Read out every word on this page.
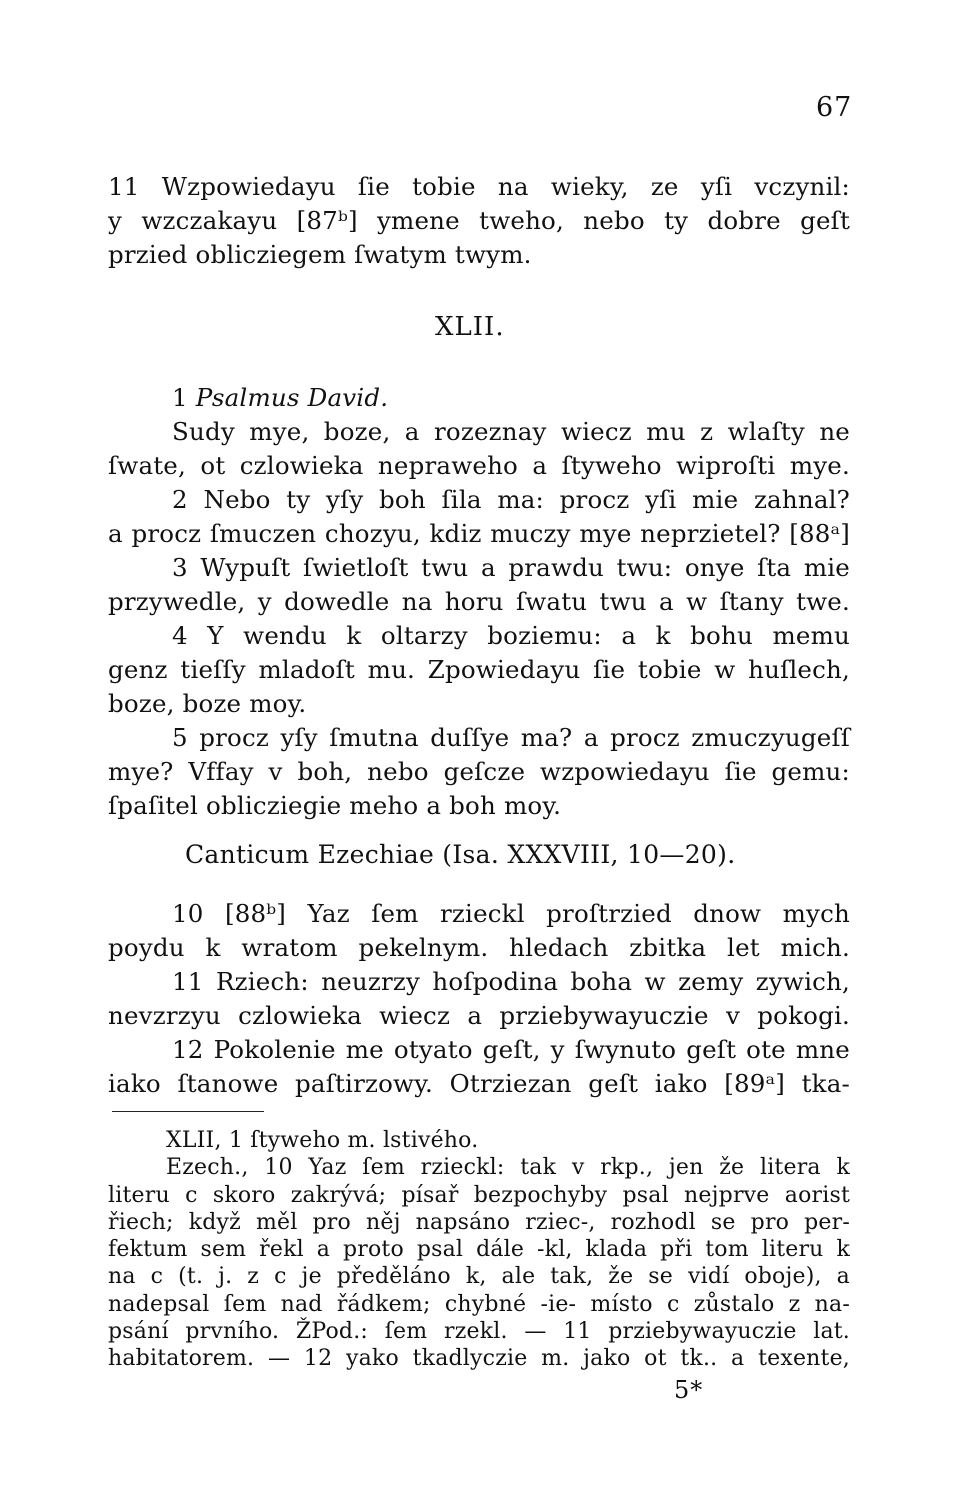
67
11 Wzpowiedayu ſie tobie na wieky, ze yſi vczynil:
y wzczakayu [87ᵇ] ymene tweho, nebo ty dobre geſt
przied obliczіegem ſwatym twym.
XLII.
1 Psalmus David.
Sudy mye, boze, a rozeznay wiecz mu z wlaſty ne
ſwate, ot czlowieka nepraweho a ſtyweho wiproſti mye.
2 Nebo ty yſy boh ſila ma: procz yſi mie zahnal?
a procz ſmuczen chozyu, kdiz muczy mye neprzietel? [88ᵃ]
3 Wypuſt ſwietloſt twu a prawdu twu: onye ſta mie
przywedle, y dowedle na horu ſwatu twu a w ſtany twe.
4 Y wendu k oltarzy boziemu: a k bohu memu
genz tieſſy mladoſt mu. Zpowiedayu ſie tobie w huſlech,
boze, boze moy.
5 procz yſy ſmutna duſſye ma? a procz zmuczyugeſſ
mye? Vffay v boh, nebo geſcze wzpowiedayu ſie gemu:
ſpaſitel obliczіegie meho a boh moy.
Canticum Ezechiae (Isa. XXXVIII, 10—20).
10 [88ᵇ] Yaz ſem rzieckl proſtrzied dnow mych
poydu k wratom pekelnym. hledach zbitka let mich.
11 Rziech: neuzrzy hoſpodina boha w zemy zywich,
nevzrzyu czlowieka wiecz a przіebywayuczie v pokogi.
12 Pokolenie me otyato geſt, y ſwynuto geſt ote mne
iako ſtanowe paſtirzowy. Otrziezan geſt iako [89ᵃ] tka-
XLII, 1 ſtyweho m. lstivého.
Ezech., 10 Yaz ſem rzieckl: tak v rkp., jen že litera k
literu c skoro zakrývá; písař bezpochyby psal nejprve aorist
řiech; když měl pro něj napsáno rziec-, rozhodl se pro per-
fektum sem řekl a proto psal dále -kl, klada při tom literu k
na c (t. j. z c je předěláno k, ale tak, že se vidí oboje), a
nadepsal ſem nad řádkem; chybné -ie- místo c zůstalo z na-
psání prvního. ŽPod.: ſem rzekl. — 11 przіebywayuczie lat.
habitatorem. — 12 yako tkadlyczie m. jako ot tk.. a texente,
5*
